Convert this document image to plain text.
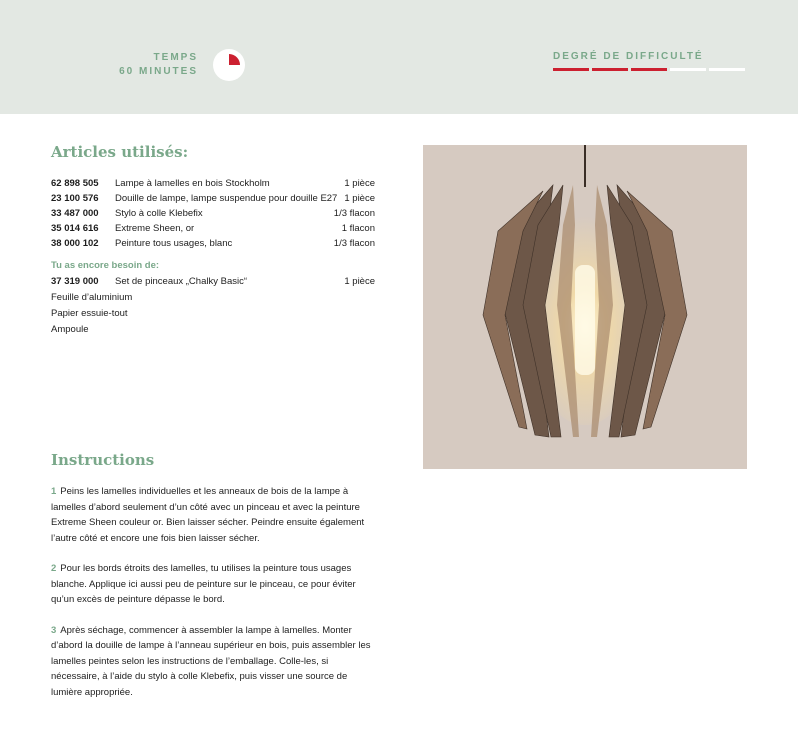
TEMPS
60 MINUTES
DEGRÉ DE DIFFICULTÉ
Articles utilisés:
62 898 505	Lampe à lamelles en bois Stockholm	1 pièce
23 100 576	Douille de lampe, lampe suspendue pour douille E27 1 pièce
33 487 000	Stylo à colle Klebefix	1/3 flacon
35 014 616	Extreme Sheen, or	1 flacon
38 000 102	Peinture tous usages, blanc	1/3 flacon
Tu as encore besoin de:
37 319 000	Set de pinceaux „Chalky Basic“	1 pièce
Feuille d’aluminium
Papier essuie-tout
Ampoule
Instructions

1 Peins les lamelles individuelles et les anneaux de bois de la lampe à lamelles d’abord seulement d’un côté avec un pinceau et avec la peinture Extreme Sheen couleur or. Bien laisser sécher. Peindre ensuite également l’autre côté et encore une fois bien laisser sécher.

2 Pour les bords étroits des lamelles, tu utilises la peinture tous usages blanche. Applique ici aussi peu de peinture sur le pinceau, ce pour éviter qu’un excès de peinture dépasse le bord.

3 Après séchage, commencer à assembler la lampe à lamelles. Monter d’abord la douille de lampe à l’anneau supérieur en bois, puis assembler les lamelles peintes selon les instructions de l’emballage. Colle-les, si nécessaire, à l’aide du stylo à colle Klebefix, puis visser une source de lumière appropriée.
